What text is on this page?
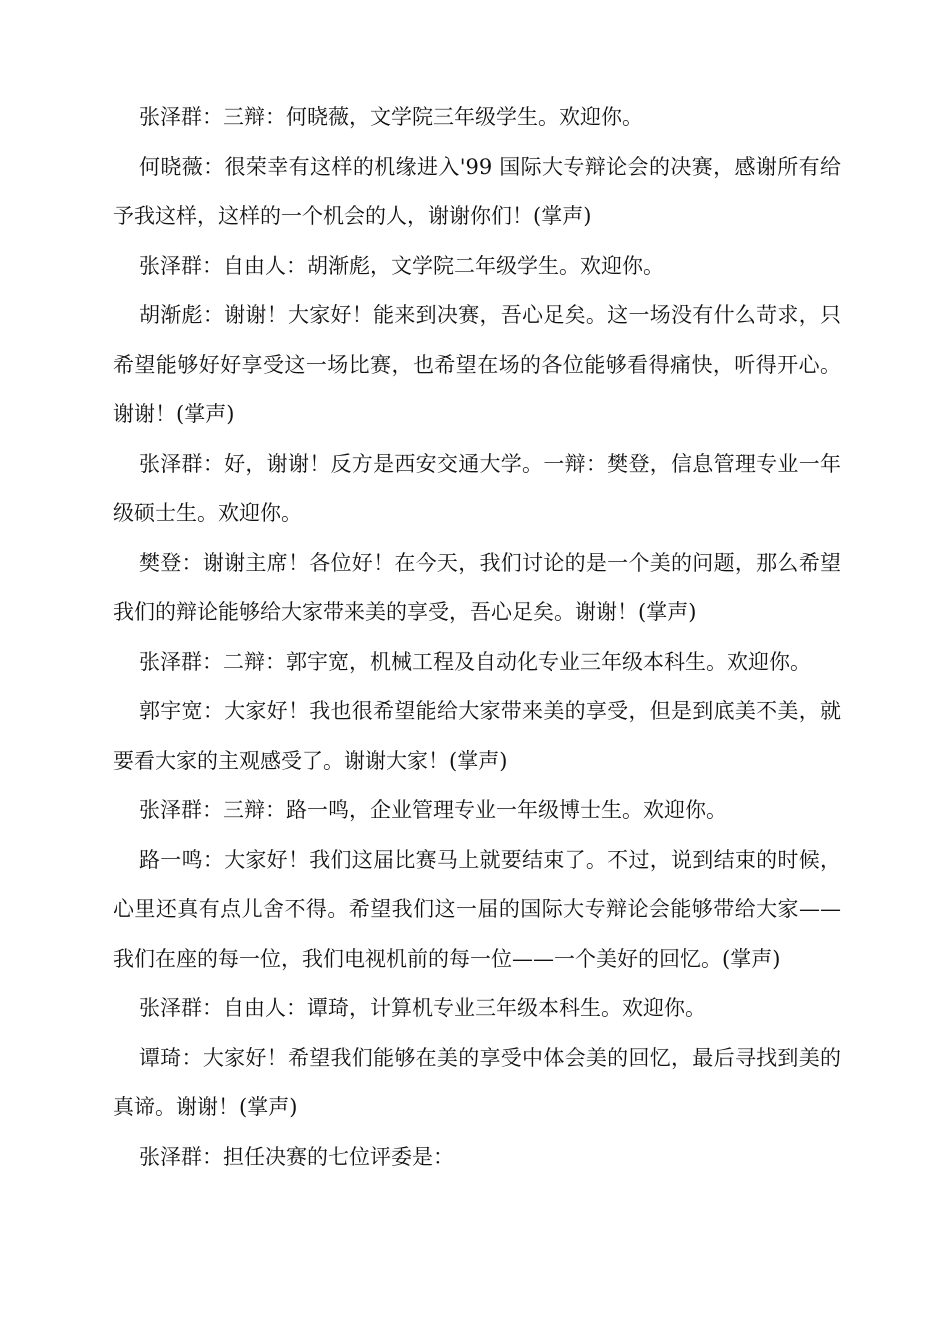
张泽群：三辩：何晓薇，文学院三年级学生。欢迎你。

何晓薇：很荣幸有这样的机缘进入'99 国际大专辩论会的决赛，感谢所有给予我这样，这样的一个机会的人，谢谢你们！(掌声)

张泽群：自由人：胡渐彪，文学院二年级学生。欢迎你。

胡渐彪：谢谢！大家好！能来到决赛，吾心足矣。这一场没有什么苛求，只希望能够好好享受这一场比赛，也希望在场的各位能够看得痛快，听得开心。谢谢！(掌声)

张泽群：好，谢谢！反方是西安交通大学。一辩：樊登，信息管理专业一年级硕士生。欢迎你。

樊登：谢谢主席！各位好！在今天，我们讨论的是一个美的问题，那么希望我们的辩论能够给大家带来美的享受，吾心足矣。谢谢！(掌声)

张泽群：二辩：郭宇宽，机械工程及自动化专业三年级本科生。欢迎你。

郭宇宽：大家好！我也很希望能给大家带来美的享受，但是到底美不美，就要看大家的主观感受了。谢谢大家！(掌声)

张泽群：三辩：路一鸣，企业管理专业一年级博士生。欢迎你。

路一鸣：大家好！我们这届比赛马上就要结束了。不过，说到结束的时候，心里还真有点儿舍不得。希望我们这一届的国际大专辩论会能够带给大家——我们在座的每一位，我们电视机前的每一位——一个美好的回忆。(掌声)

张泽群：自由人：谭琦，计算机专业三年级本科生。欢迎你。

谭琦：大家好！希望我们能够在美的享受中体会美的回忆，最后寻找到美的真谛。谢谢！(掌声)

张泽群：担任决赛的七位评委是：
